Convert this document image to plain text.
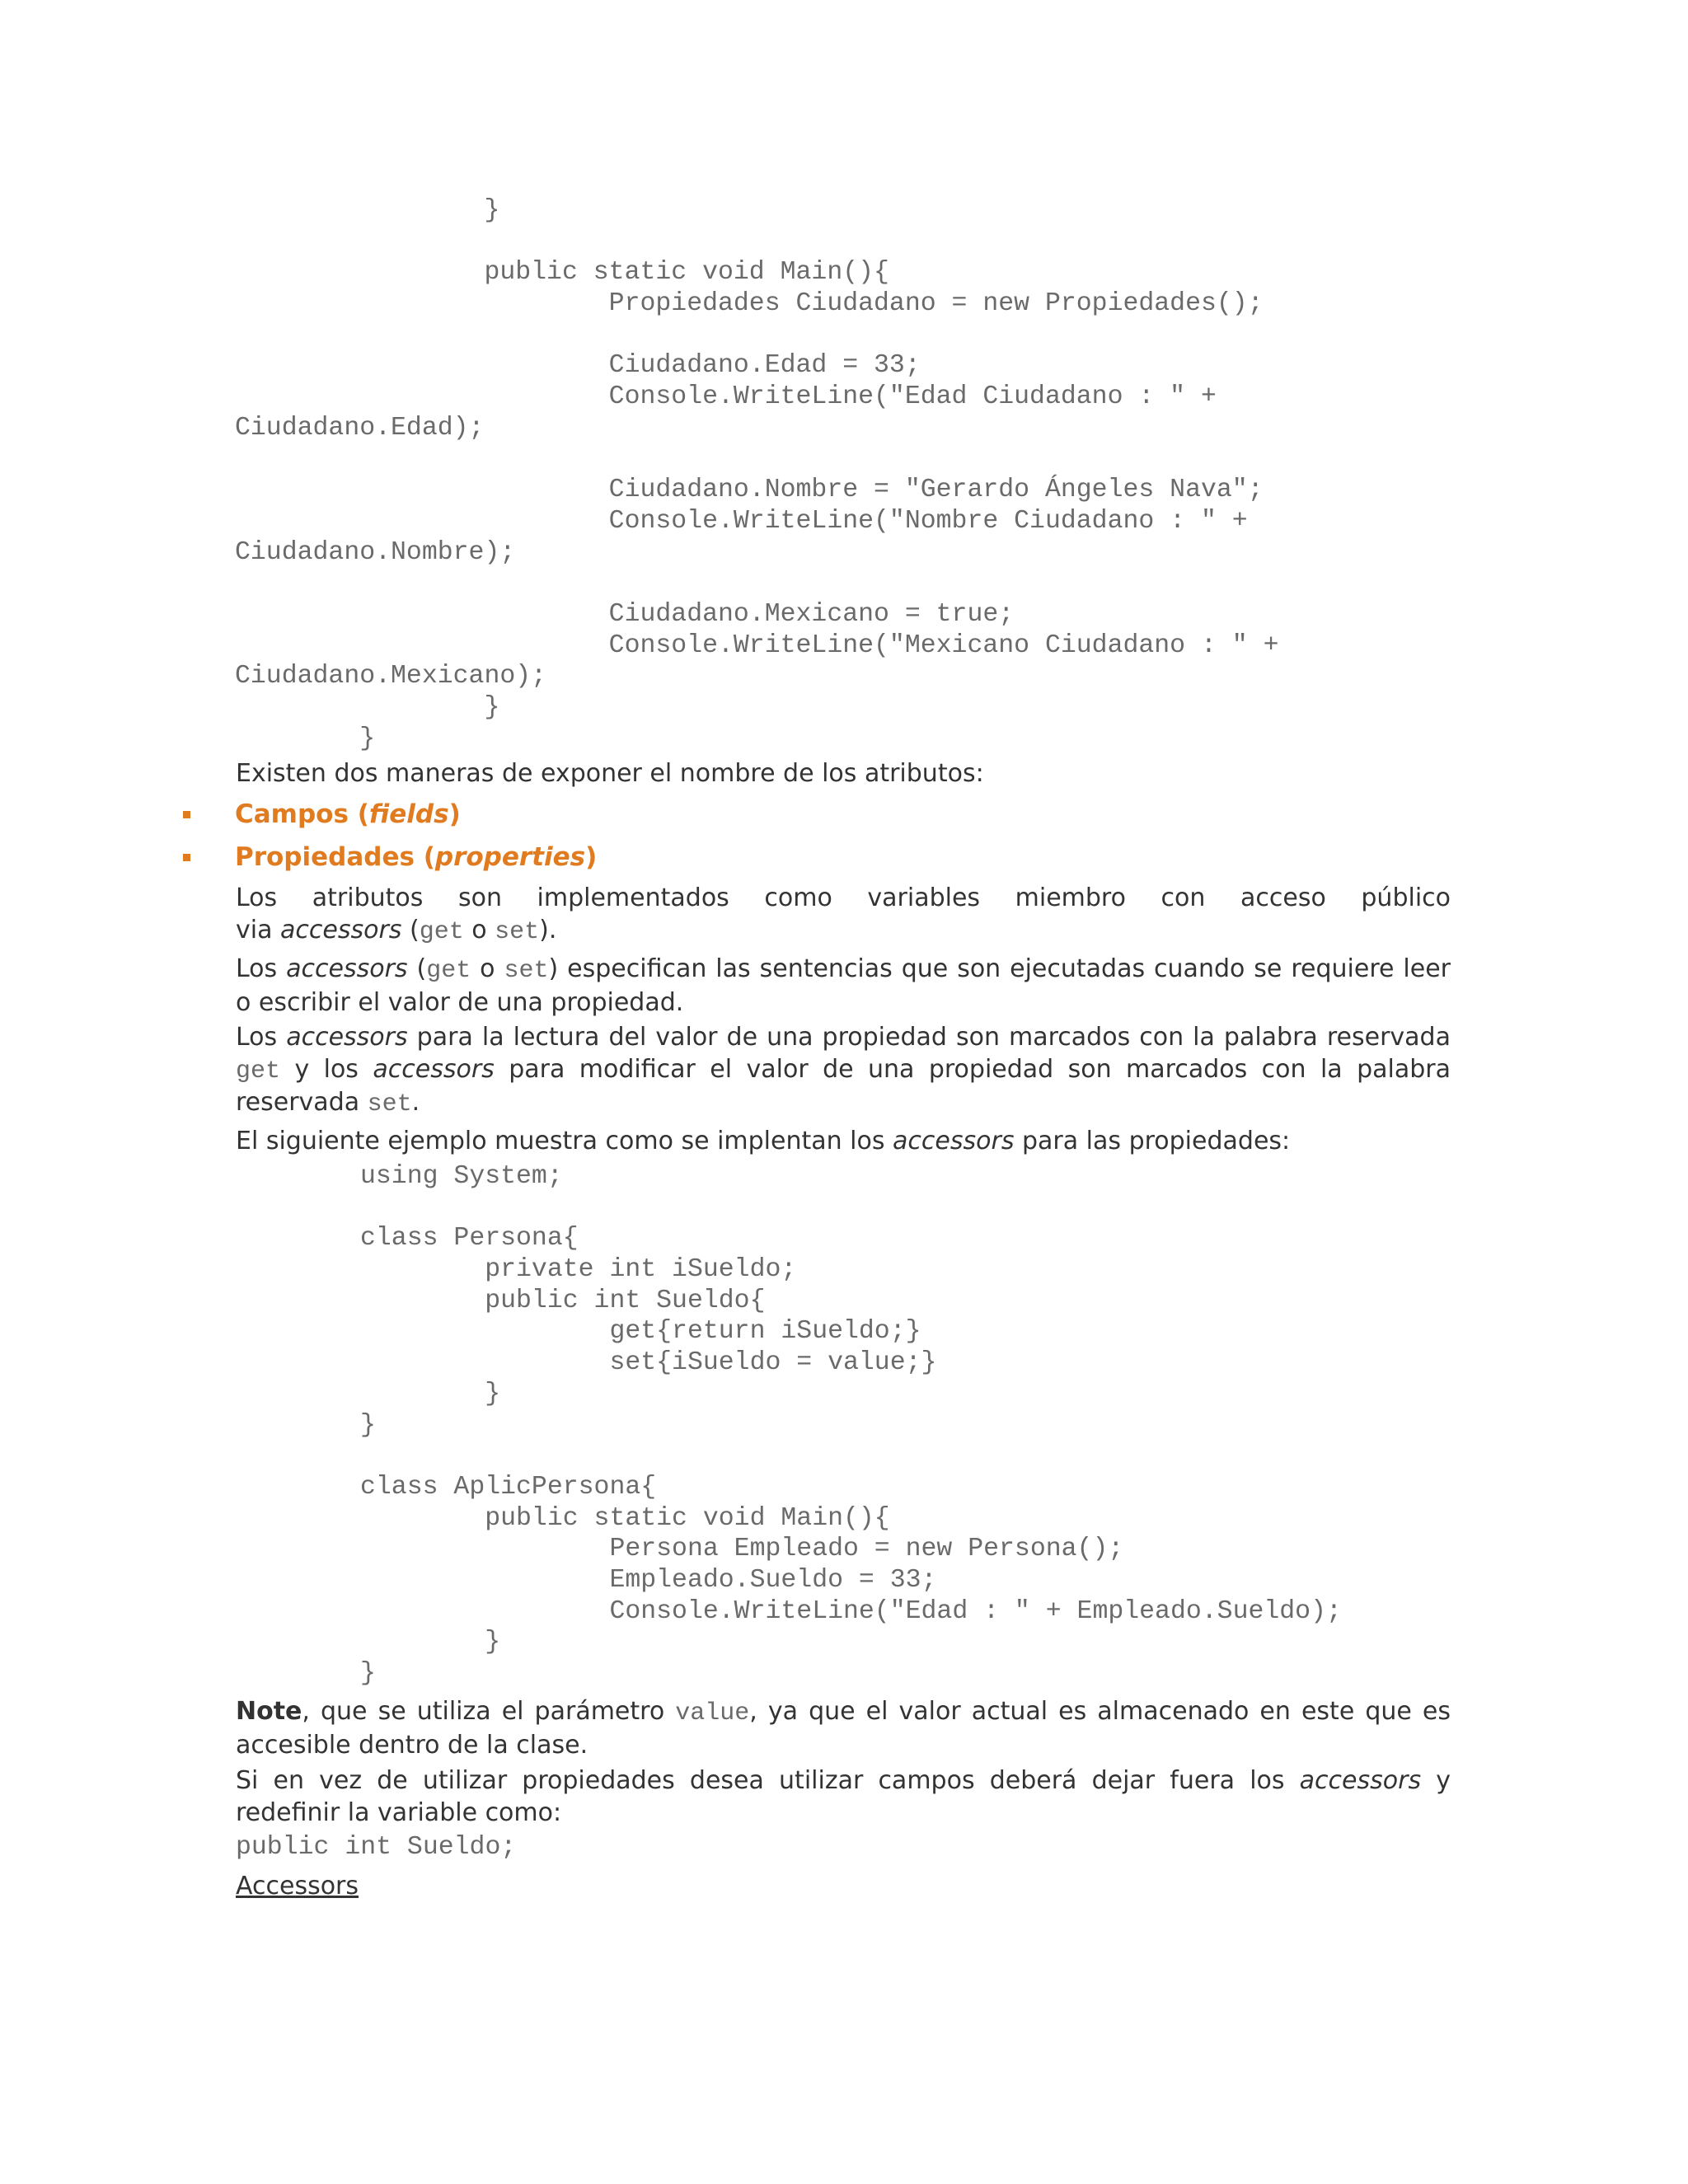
}
public static void Main(){
Propiedades Ciudadano = new Propiedades();
Ciudadano.Edad = 33;
Console.WriteLine("Edad Ciudadano : " +
Ciudadano.Edad);
Ciudadano.Nombre = "Gerardo Ángeles Nava";
Console.WriteLine("Nombre Ciudadano : " +
Ciudadano.Nombre);
Ciudadano.Mexicano = true;
Console.WriteLine("Mexicano Ciudadano : " +
Ciudadano.Mexicano);
}
}
Existen dos maneras de exponer el nombre de los atributos:
Campos (fields)
Propiedades (properties)
Los atributos son implementados como variables miembro con acceso público
via accessors (get o set).
Los accessors (get o set) especifican las sentencias que son ejecutadas cuando se requiere leer o escribir el valor de una propiedad.
Los accessors para la lectura del valor de una propiedad son marcados con la palabra reservada get y los accessors para modificar el valor de una propiedad son marcados con la palabra reservada set.
El siguiente ejemplo muestra como se implentan los accessors para las propiedades:
using System;
class Persona{
private int iSueldo;
public int Sueldo{
get{return iSueldo;}
set{iSueldo = value;}
}
}
class AplicPersona{
public static void Main(){
Persona Empleado = new Persona();
Empleado.Sueldo = 33;
Console.WriteLine("Edad : " + Empleado.Sueldo);
}
}
Note, que se utiliza el parámetro value, ya que el valor actual es almacenado en este que es accesible dentro de la clase.
Si en vez de utilizar propiedades desea utilizar campos deberá dejar fuera los accessors y redefinir la variable como:
public int Sueldo;
Accessors
